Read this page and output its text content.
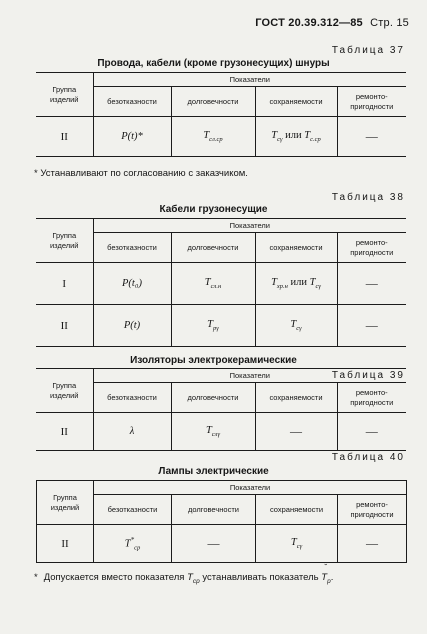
ГОСТ 20.39.312—85 Стр. 15
Таблица 37
Провода, кабели (кроме грузонесущих) шнуры
Группа
изделий	Показатели			
	безотказности	долговечности	сохраняемости	ремонто-
пригодности

II	P(t)*	$T_{сл.ср}$	$T_{с\gamma}$ или $T_{с.ср}$	—
* Устанавливают по согласованию с заказчиком.
Таблица 38
Кабели грузонесущие
Группа
изделий	Показатели			
	безотказности	долговечности	сохраняемости	ремонто-
пригодности

I	P(t₀)	$T_{сл.н}$	$T_{хр.н}$ или $T_{с\gamma}$	—
II	P(t)	$T_{р\gamma}$	$T_{с\gamma}$	—
Таблица 39
Изоляторы электрокерамические
Группа
изделий	Показатели			
	безотказности	долговечности	сохраняемости	ремонто-
пригодности

II	λ	$T_{сл\gamma}$	—	—
Таблица 40
Лампы электрические
Группа
изделий	Показатели			
	безотказности	долговечности	сохраняемости	ремонто-
пригодности

II	$T^*_{ср}$	—	$T_{с\gamma}$	—
* Допускается вместо показателя $T_{ср}$ устанавливать показатель
˘
$T_р$.
